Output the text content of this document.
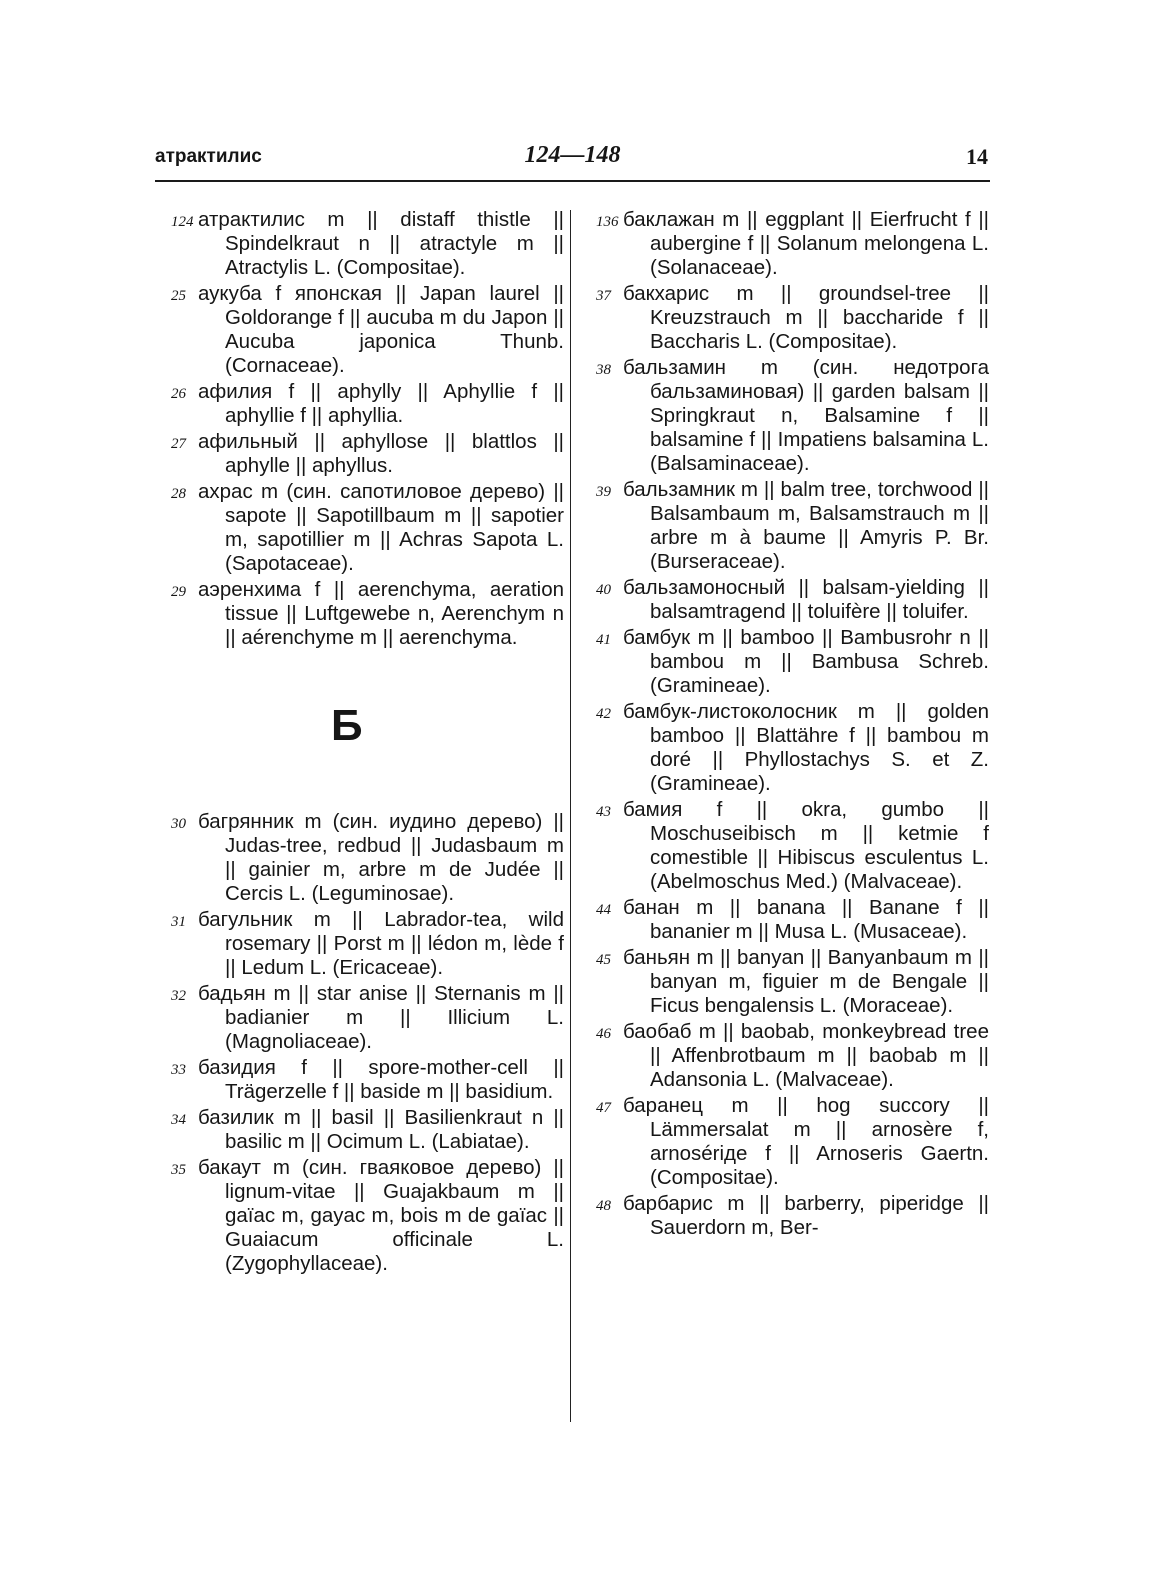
атрактилис	124—148	14
124 атрактилис m || distaff thistle || Spindelkraut n || atractyle m || Atractylis L. (Compositae).
25 аукуба f японская || Japan laurel || Goldorange f || aucuba m du Japon || Aucuba japonica Thunb. (Cornaceae).
26 афилия f || aphylly || Aphyllie f || aphyllie f || aphyllia.
27 афильный || aphyllose || blattlos || aphylle || aphyllus.
28 ахрас m (син. сапотиловое дерево) || sapote || Sapotillbaum m || sapotier m, sapotillier m || Achras Sapota L. (Sapotaceae).
29 аэренхима f || aerenchyma, aeration tissue || Luftgewebe n, Aerenchym n || aérenchyme m || aerenchyma.
Б
30 багрянник m (син. иудино дерево) || Judas-tree, redbud || Judasbaum m || gainier m, arbre m de Judée || Cercis L. (Leguminosae).
31 багульник m || Labrador-tea, wild rosemary || Porst m || lédon m, lède f || Ledum L. (Ericaceae).
32 бадьян m || star anise || Sternanis m || badianier m || Illicium L. (Magnoliaceae).
33 базидия f || spore-mother-cell || Trägerzelle f || baside m || basidium.
34 базилик m || basil || Basilienkraut n || basilic m || Ocimum L. (Labiatae).
35 бакаут m (син. гваяковое дерево) || lignum-vitae || Guajakbaum m || gaïac m, gayac m, bois m de gaïac || Guaiacum officinale L. (Zygophyllaceae).
136 баклажан m || eggplant || Eierfrucht f || aubergine f || Solanum melongena L. (Solanaceae).
37 бакхарис m || groundsel-tree || Kreuzstrauch m || baccharide f || Baccharis L. (Compositae).
38 бальзамин m (син. недотрога бальзаминовая) || garden balsam || Springkraut n, Balsamine f || balsamine f || Impatiens balsamina L. (Balsaminaceae).
39 бальзамник m || balm tree, torchwood || Balsambaum m, Balsamstrauch m || arbre m à baume || Amyris P. Br. (Burseraceae).
40 бальзамоносный || balsam-yielding || balsamtragend || toluifère || toluifer.
41 бамбук m || bamboo || Bambusrohr n || bambou m || Bambusa Schreb. (Gramineae).
42 бамбук-листоколосник m || golden bamboo || Blattähre f || bambou m doré || Phyllostachys S. et Z. (Gramineae).
43 бамия f || okra, gumbo || Moschuseibisch m || ketmie f comestible || Hibiscus esculentus L. (Abelmoschus Med.) (Malvaceae).
44 банан m || banana || Banane f || bananier m || Musa L. (Musaceae).
45 баньян m || banyan || Banyanbaum m || banyan m, figuier m de Bengale || Ficus bengalensis L. (Moraceae).
46 баобаб m || baobab, monkeybread tree || Affenbrotbaum m || baobab m || Adansonia L. (Malvaceae).
47 баранец m || hog succory || Lämmersalat m || arnosère f, arnosériде f || Arnoseris Gaertn. (Compositae).
48 барбарис m || barberry, piperidge || Sauerdorn m, Ber-
